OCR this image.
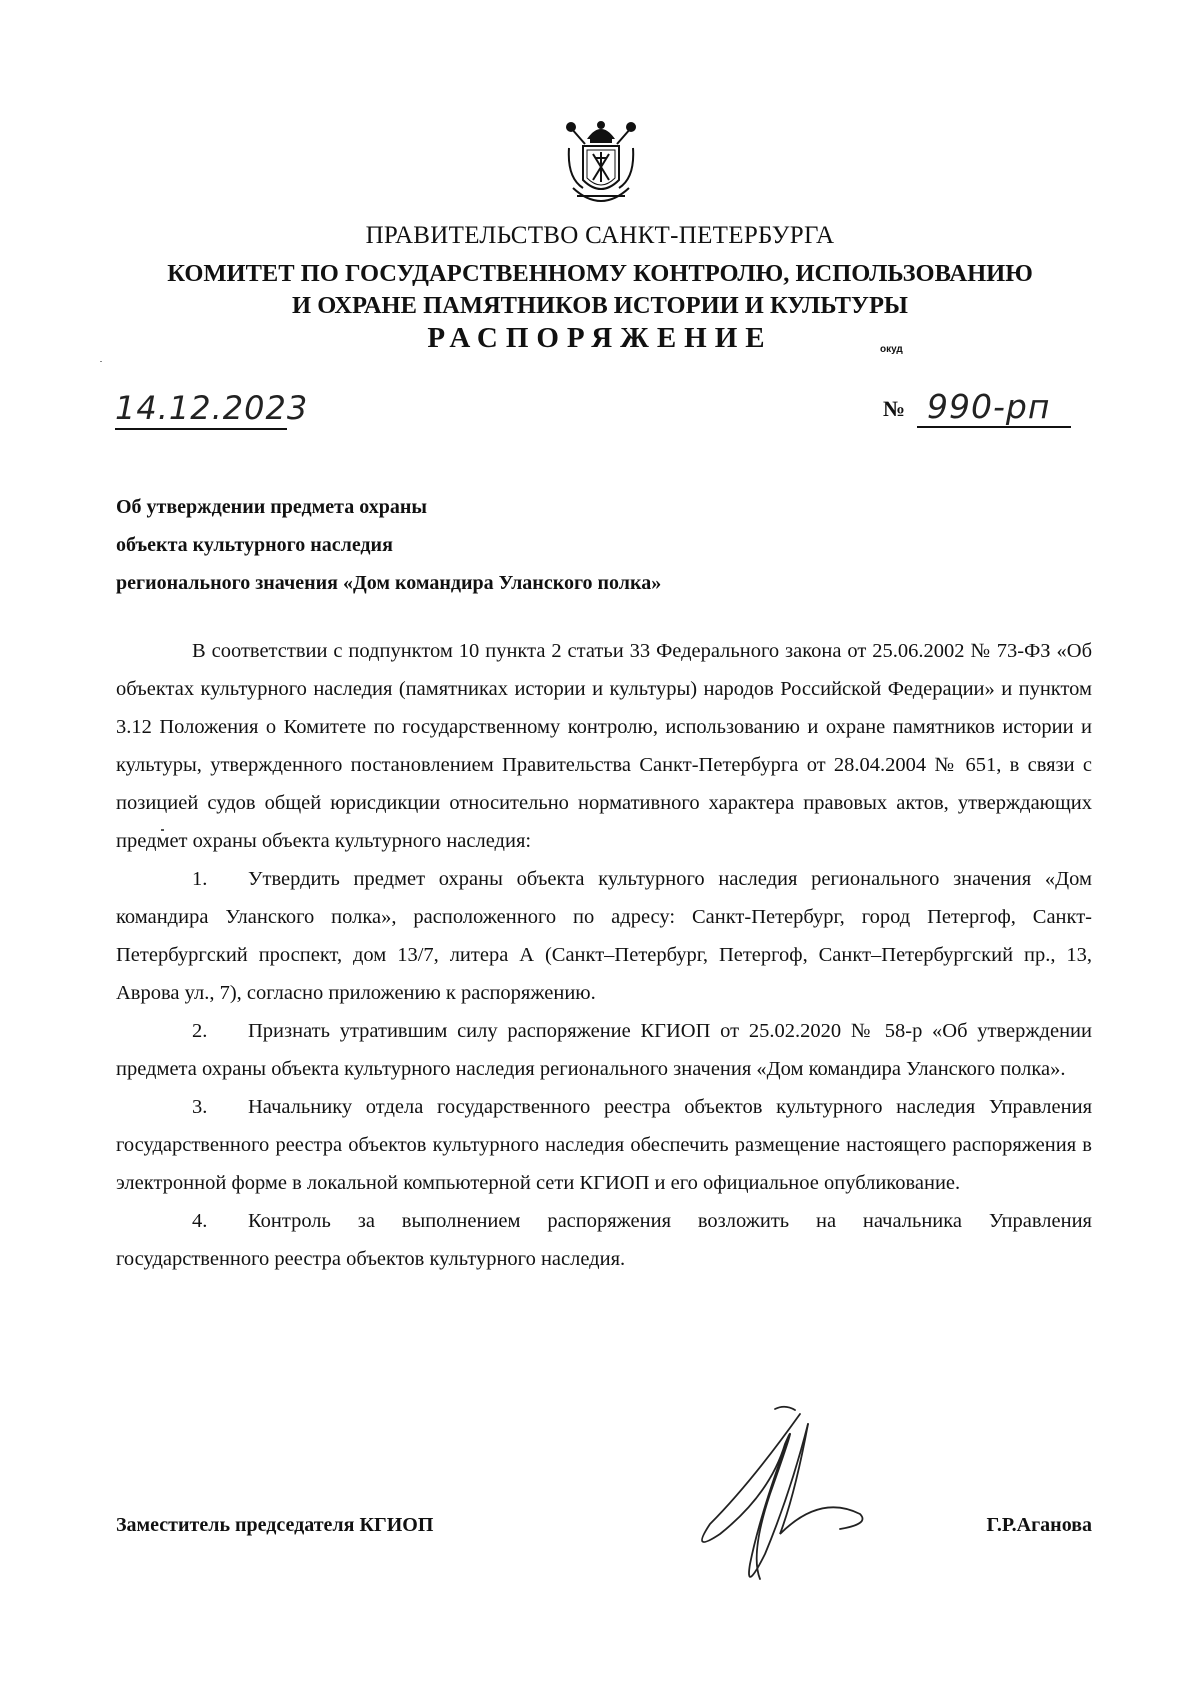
ПРАВИТЕЛЬСТВО САНКТ-ПЕТЕРБУРГА
КОМИТЕТ ПО ГОСУДАРСТВЕННОМУ КОНТРОЛЮ, ИСПОЛЬЗОВАНИЮ
И ОХРАНЕ ПАМЯТНИКОВ ИСТОРИИ И КУЛЬТУРЫ
РАСПОРЯЖЕНИЕ	окуд
14.12.2023	№ 990-рп
Об утверждении предмета охраны
объекта культурного наследия
регионального значения «Дом командира Уланского полка»

В соответствии с подпунктом 10 пункта 2 статьи 33 Федерального закона от 25.06.2002 № 73-ФЗ «Об объектах культурного наследия (памятниках истории и культуры) народов Российской Федерации» и пунктом 3.12 Положения о Комитете по государственному контролю, использованию и охране памятников истории и культуры, утвержденного постановлением Правительства Санкт-Петербурга от 28.04.2004 № 651, в связи с позицией судов общей юрисдикции относительно нормативного характера правовых актов, утверждающих предмет охраны объекта культурного наследия:

1. Утвердить предмет охраны объекта культурного наследия регионального значения «Дом командира Уланского полка», расположенного по адресу: Санкт-Петербург, город Петергоф, Санкт-Петербургский проспект, дом 13/7, литера А (Санкт–Петербург, Петергоф, Санкт–Петербургский пр., 13, Аврова ул., 7), согласно приложению к распоряжению.

2. Признать утратившим силу распоряжение КГИОП от 25.02.2020 № 58-р «Об утверждении предмета охраны объекта культурного наследия регионального значения «Дом командира Уланского полка».

3. Начальнику отдела государственного реестра объектов культурного наследия Управления государственного реестра объектов культурного наследия обеспечить размещение настоящего распоряжения в электронной форме в локальной компьютерной сети КГИОП и его официальное опубликование.

4. Контроль за выполнением распоряжения возложить на начальника Управления государственного реестра объектов культурного наследия.

Заместитель председателя КГИОП	Г.Р.Аганова
